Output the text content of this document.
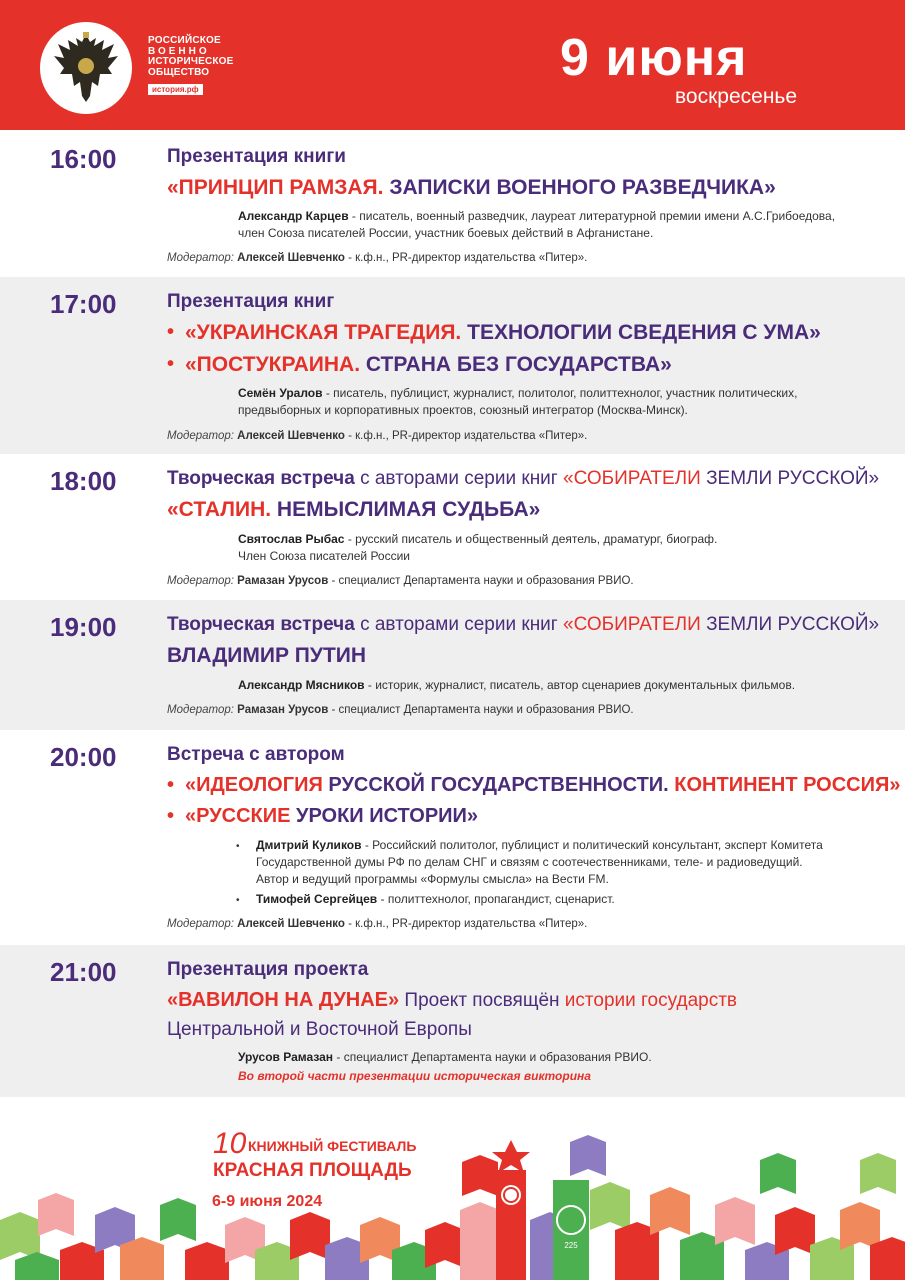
РОССИЙСКОЕ
ВОЕННО
ИСТОРИЧЕСКОЕ
ОБЩЕСТВО
история.рф
9 июня
воскресенье
16:00	Презентация книги
«ПРИНЦИП РАМЗАЯ. ЗАПИСКИ ВОЕННОГО РАЗВЕДЧИКА»
Александр Карцев - писатель, военный разведчик, лауреат литературной премии имени А.С.Грибоедова,
член Союза писателей России, участник боевых действий в Афганистане.
Модератор: Алексей Шевченко - к.ф.н., PR-директор издательства «Питер».
17:00	Презентация книг
• «УКРАИНСКАЯ ТРАГЕДИЯ. ТЕХНОЛОГИИ СВЕДЕНИЯ С УМА»
• «ПОСТУКРАИНА. СТРАНА БЕЗ ГОСУДАРСТВА»
Семён Уралов - писатель, публицист, журналист, политолог, политтехнолог, участник политических,
предвыборных и корпоративных проектов, союзный интегратор (Москва-Минск).
Модератор: Алексей Шевченко - к.ф.н., PR-директор издательства «Питер».
18:00	Творческая встреча с авторами серии книг «СОБИРАТЕЛИ ЗЕМЛИ РУССКОЙ»
«СТАЛИН. НЕМЫСЛИМАЯ СУДЬБА»
Святослав Рыбас - русский писатель и общественный деятель, драматург, биограф.
Член Союза писателей России
Модератор: Рамазан Урусов - специалист Департамента науки и образования РВИО.
19:00	Творческая встреча с авторами серии книг «СОБИРАТЕЛИ ЗЕМЛИ РУССКОЙ»
ВЛАДИМИР ПУТИН
Александр Мясников - историк, журналист, писатель, автор сценариев документальных фильмов.
Модератор: Рамазан Урусов - специалист Департамента науки и образования РВИО.
20:00	Встреча с автором
• «ИДЕОЛОГИЯ РУССКОЙ ГОСУДАРСТВЕННОСТИ. КОНТИНЕНТ РОССИЯ»
• «РУССКИЕ УРОКИ ИСТОРИИ»
• Дмитрий Куликов - Российский политолог, публицист и политический консультант, эксперт Комитета
Государственной думы РФ по делам СНГ и связям с соотечественниками, теле- и радиоведущий.
Автор и ведущий программы «Формулы смысла» на Вести FM.
• Тимофей Сергейцев - политтехнолог, пропагандист, сценарист.
Модератор: Алексей Шевченко - к.ф.н., PR-директор издательства «Питер».
21:00	Презентация проекта
«ВАВИЛОН НА ДУНАЕ» Проект посвящён истории государств
Центральной и Восточной Европы
Урусов Рамазан - специалист Департамента науки и образования РВИО.
Во второй части презентации историческая викторина
225
10 КНИЖНЫЙ ФЕСТИВАЛЬ
КРАСНАЯ ПЛОЩАДЬ
6-9 июня 2024
